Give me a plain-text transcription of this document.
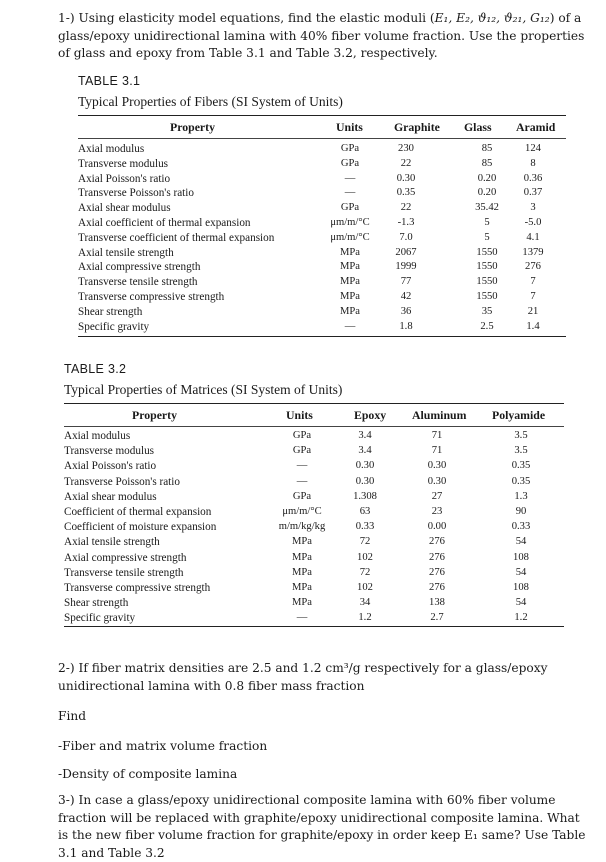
1-) Using elasticity model equations, find the elastic moduli (E₁, E₂, ϑ₁₂, ϑ₂₁, G₁₂) of a glass/epoxy unidirectional lamina with 40% fiber volume fraction. Use the properties of glass and epoxy from Table 3.1 and Table 3.2, respectively.
TABLE 3.1
Typical Properties of Fibers (SI System of Units)
Property	Units	Graphite Glass Aramid
Axial modulus	GPa	230	85	124
Transverse modulus	GPa	22	85	8
Axial Poisson's ratio	—	0.30	0.20	0.36
Transverse Poisson's ratio	—	0.35	0.20	0.37
Axial shear modulus	GPa	22	35.42	3
Axial coefficient of thermal expansion	μm/m/°C	-1.3	5	-5.0
Transverse coefficient of thermal expansion	μm/m/°C	7.0	5	4.1
Axial tensile strength	MPa	2067	1550 1379
Axial compressive strength	MPa	1999	1550	276
Transverse tensile strength	MPa	77	1550	7
Transverse compressive strength	MPa	42	1550	7
Shear strength	MPa	36	35	21
Specific gravity	—	1.8	2.5	1.4
TABLE 3.2
Typical Properties of Matrices (SI System of Units)
Property	Units	Epoxy Aluminum Polyamide
Axial modulus	GPa	3.4	71	3.5
Transverse modulus	GPa	3.4	71	3.5
Axial Poisson's ratio	—	0.30	0.30	0.35
Transverse Poisson's ratio	—	0.30	0.30	0.35
Axial shear modulus	GPa	1.308	27	1.3
Coefficient of thermal expansion	μm/m/°C	63	23	90
Coefficient of moisture expansion	m/m/kg/kg	0.33	0.00	0.33
Axial tensile strength	MPa	72	276	54
Axial compressive strength	MPa	102	276	108
Transverse tensile strength	MPa	72	276	54
Transverse compressive strength	MPa	102	276	108
Shear strength	MPa	34	138	54
Specific gravity	—	1.2	2.7	1.2
2-) If fiber matrix densities are 2.5 and 1.2 cm³/g respectively for a glass/epoxy unidirectional lamina with 0.8 fiber mass fraction
Find
-Fiber and matrix volume fraction
-Density of composite lamina
3-) In case a glass/epoxy unidirectional composite lamina with 60% fiber volume fraction will be replaced with graphite/epoxy unidirectional composite lamina. What is the new fiber volume fraction for graphite/epoxy in order keep E₁ same? Use Table 3.1 and Table 3.2
